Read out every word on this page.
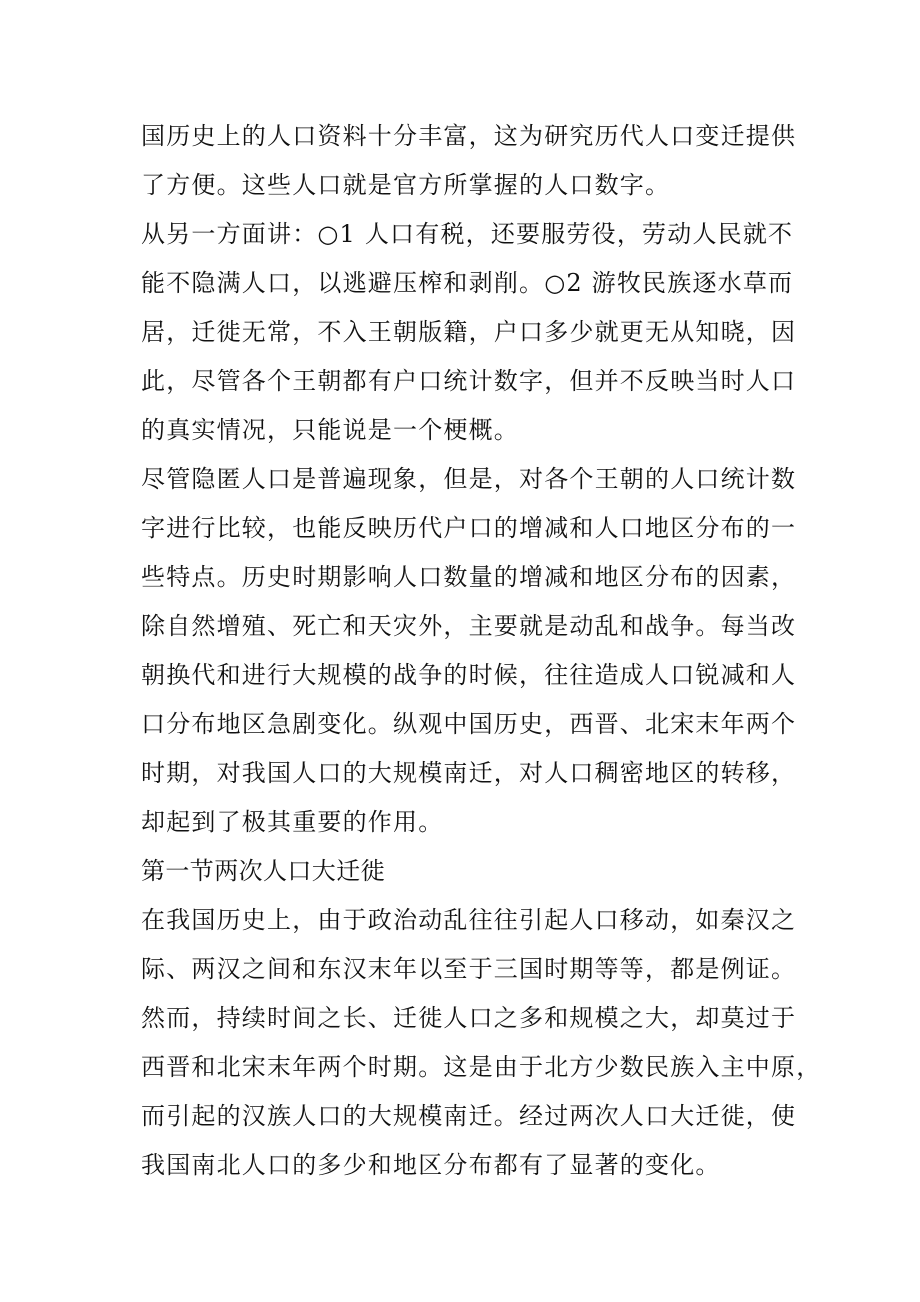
国历史上的人口资料十分丰富，这为研究历代人口变迁提供
了方便。这些人口就是官方所掌握的人口数字。
从另一方面讲：○1 人口有税，还要服劳役，劳动人民就不
能不隐满人口，以逃避压榨和剥削。○2 游牧民族逐水草而
居，迁徙无常，不入王朝版籍，户口多少就更无从知晓，因
此，尽管各个王朝都有户口统计数字，但并不反映当时人口
的真实情况，只能说是一个梗概。
尽管隐匿人口是普遍现象，但是，对各个王朝的人口统计数
字进行比较，也能反映历代户口的增减和人口地区分布的一
些特点。历史时期影响人口数量的增减和地区分布的因素，
除自然增殖、死亡和天灾外，主要就是动乱和战争。每当改
朝换代和进行大规模的战争的时候，往往造成人口锐减和人
口分布地区急剧变化。纵观中国历史，西晋、北宋末年两个
时期，对我国人口的大规模南迁，对人口稠密地区的转移，
却起到了极其重要的作用。
第一节两次人口大迁徙
在我国历史上，由于政治动乱往往引起人口移动，如秦汉之
际、两汉之间和东汉末年以至于三国时期等等，都是例证。
然而，持续时间之长、迁徙人口之多和规模之大，却莫过于
西晋和北宋末年两个时期。这是由于北方少数民族入主中原，
而引起的汉族人口的大规模南迁。经过两次人口大迁徙，使
我国南北人口的多少和地区分布都有了显著的变化。
